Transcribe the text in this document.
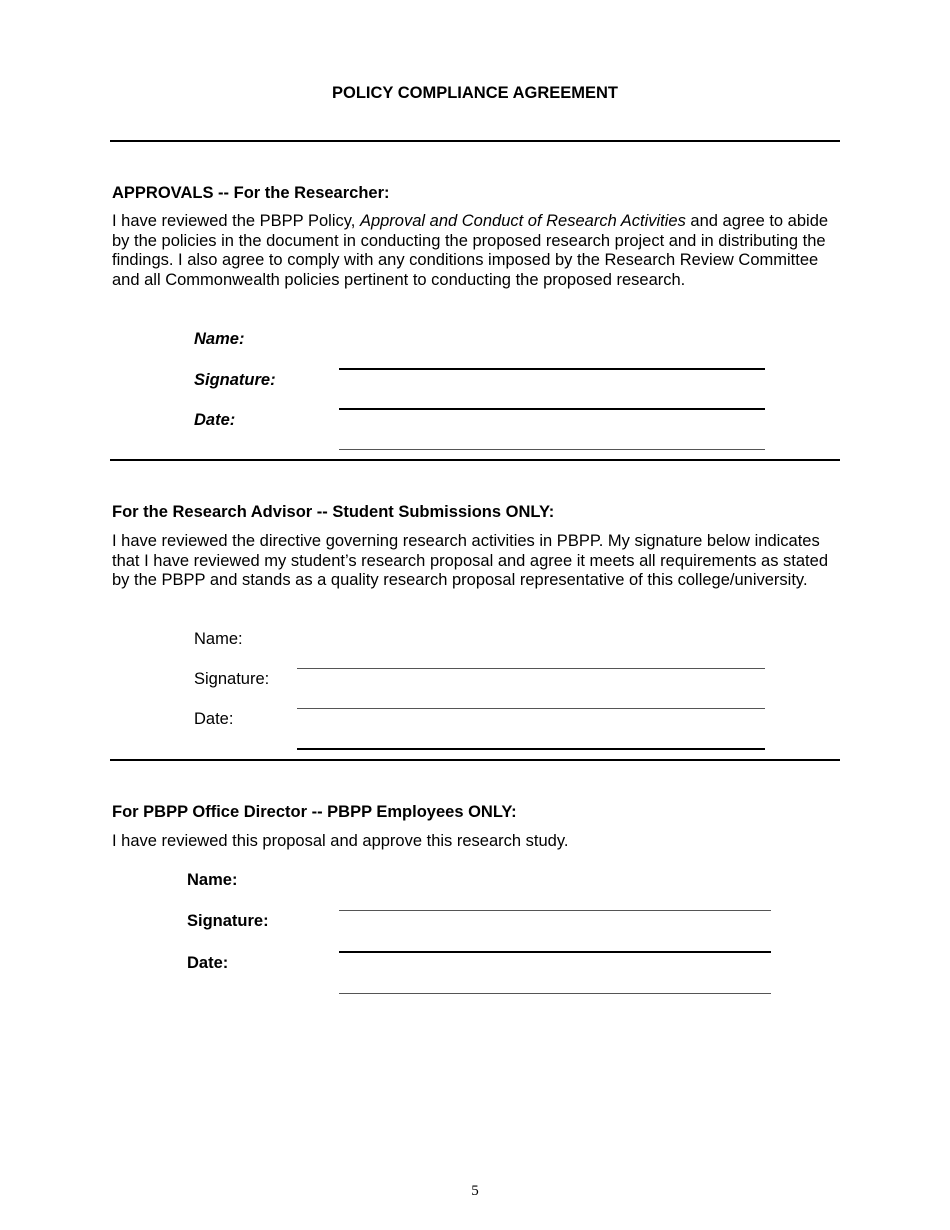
POLICY COMPLIANCE AGREEMENT
APPROVALS -- For the Researcher:
I have reviewed the PBPP Policy, Approval and Conduct of Research Activities and agree to abide by the policies in the document in conducting the proposed research project and in distributing the findings. I also agree to comply with any conditions imposed by the Research Review Committee and all Commonwealth policies pertinent to conducting the proposed research.
Name:
Signature:
Date:
For the Research Advisor -- Student Submissions ONLY:
I have reviewed the directive governing research activities in PBPP. My signature below indicates that I have reviewed my student’s research proposal and agree it meets all requirements as stated by the PBPP and stands as a quality research proposal representative of this college/university.
Name:
Signature:
Date:
For PBPP Office Director -- PBPP Employees ONLY:
I have reviewed this proposal and approve this research study.
Name:
Signature:
Date:
5
